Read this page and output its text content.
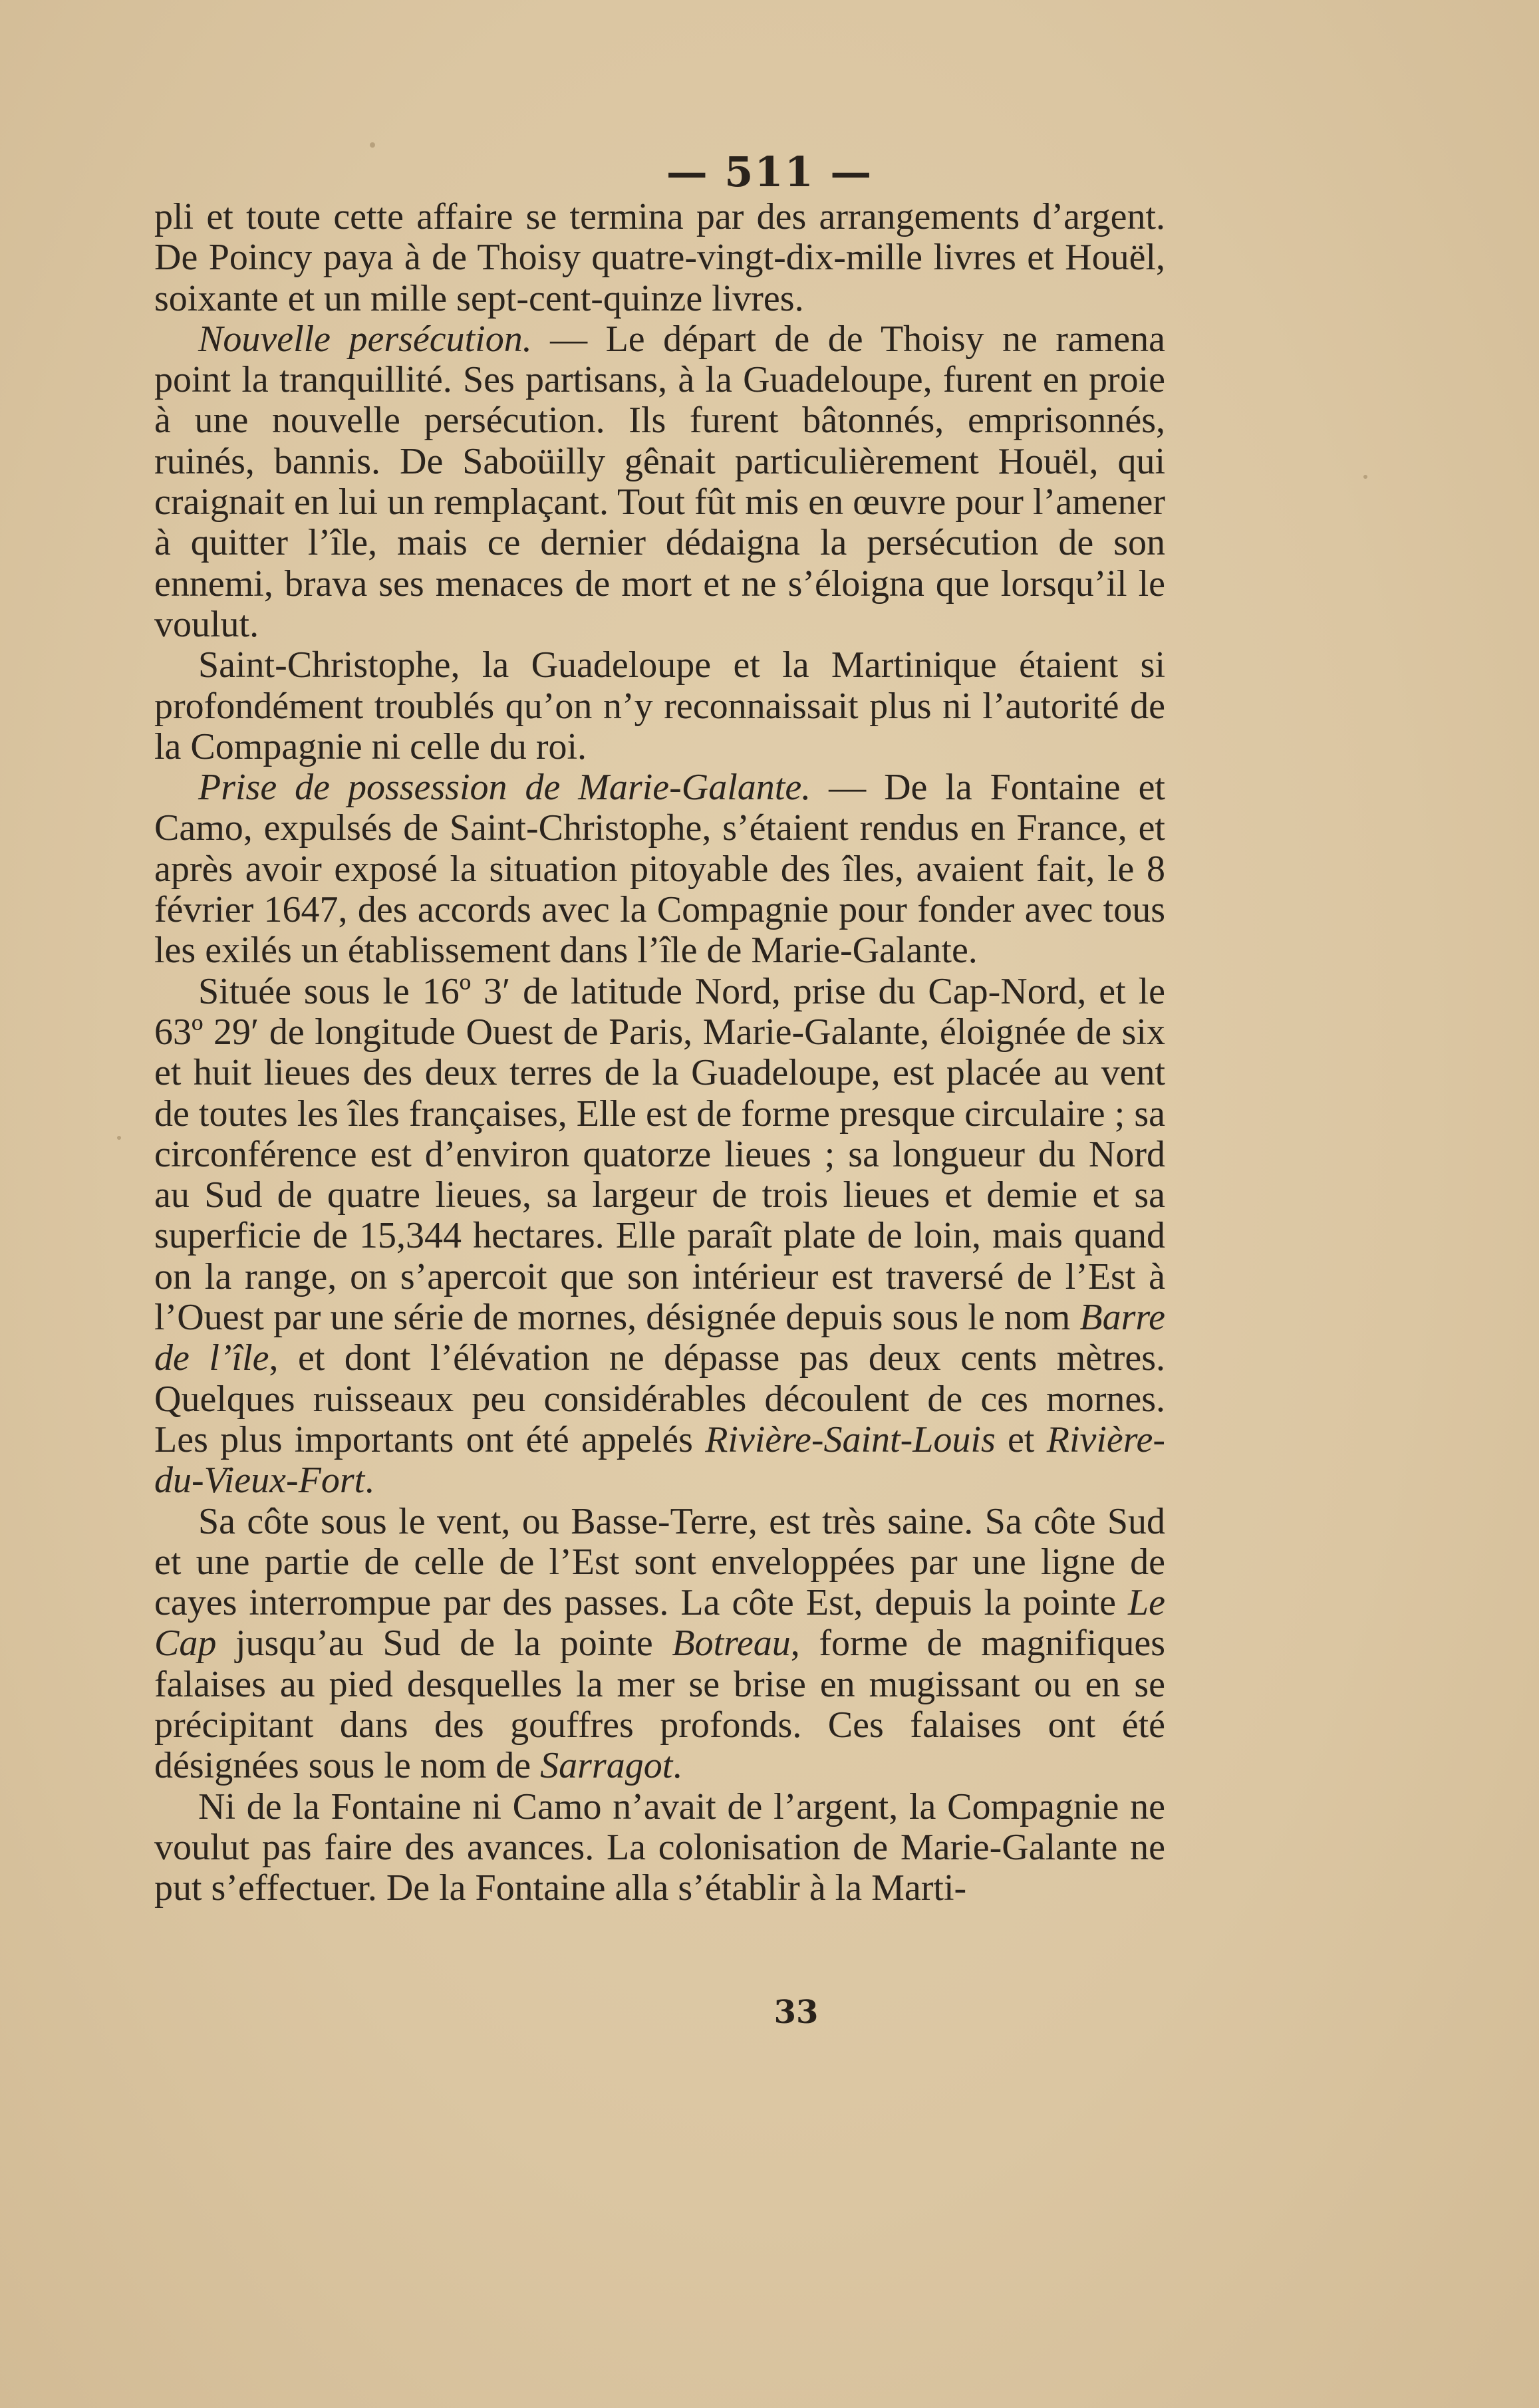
— 511 —

pli et toute cette affaire se termina par des arrangements d’argent. De Poincy paya à de Thoisy quatre-vingt-dix-mille livres et Houël, soixante et un mille sept-cent-quinze livres.

Nouvelle persécution. — Le départ de de Thoisy ne ramena point la tranquillité. Ses partisans, à la Guadeloupe, furent en proie à une nouvelle persécution. Ils furent bâtonnés, emprisonnés, ruinés, bannis. De Saboüilly gênait particulièrement Houël, qui craignait en lui un remplaçant. Tout fût mis en œuvre pour l’amener à quitter l’île, mais ce dernier dédaigna la persécution de son ennemi, brava ses menaces de mort et ne s’éloigna que lorsqu’il le voulut.

Saint-Christophe, la Guadeloupe et la Martinique étaient si profondément troublés qu’on n’y reconnaissait plus ni l’autorité de la Compagnie ni celle du roi.

Prise de possession de Marie-Galante. — De la Fontaine et Camo, expulsés de Saint-Christophe, s’étaient rendus en France, et après avoir exposé la situation pitoyable des îles, avaient fait, le 8 février 1647, des accords avec la Compagnie pour fonder avec tous les exilés un établissement dans l’île de Marie-Galante.

Située sous le 16º 3′ de latitude Nord, prise du Cap-Nord, et le 63º 29′ de longitude Ouest de Paris, Marie-Galante, éloignée de six et huit lieues des deux terres de la Guadeloupe, est placée au vent de toutes les îles françaises, Elle est de forme presque circulaire ; sa circonférence est d’environ quatorze lieues ; sa longueur du Nord au Sud de quatre lieues, sa largeur de trois lieues et demie et sa superficie de 15,344 hectares. Elle paraît plate de loin, mais quand on la range, on s’apercoit que son intérieur est traversé de l’Est à l’Ouest par une série de mornes, désignée depuis sous le nom Barre de l’île, et dont l’élévation ne dépasse pas deux cents mètres. Quelques ruisseaux peu considérables découlent de ces mornes. Les plus importants ont été appelés Rivière-Saint-Louis et Rivière-du-Vieux-Fort.

Sa côte sous le vent, ou Basse-Terre, est très saine. Sa côte Sud et une partie de celle de l’Est sont enveloppées par une ligne de cayes interrompue par des passes. La côte Est, depuis la pointe Le Cap jusqu’au Sud de la pointe Botreau, forme de magnifiques falaises au pied desquelles la mer se brise en mugissant ou en se précipitant dans des gouffres profonds. Ces falaises ont été désignées sous le nom de Sarragot.

Ni de la Fontaine ni Camo n’avait de l’argent, la Compagnie ne voulut pas faire des avances. La colonisation de Marie-Galante ne put s’effectuer. De la Fontaine alla s’établir à la Marti-

33
